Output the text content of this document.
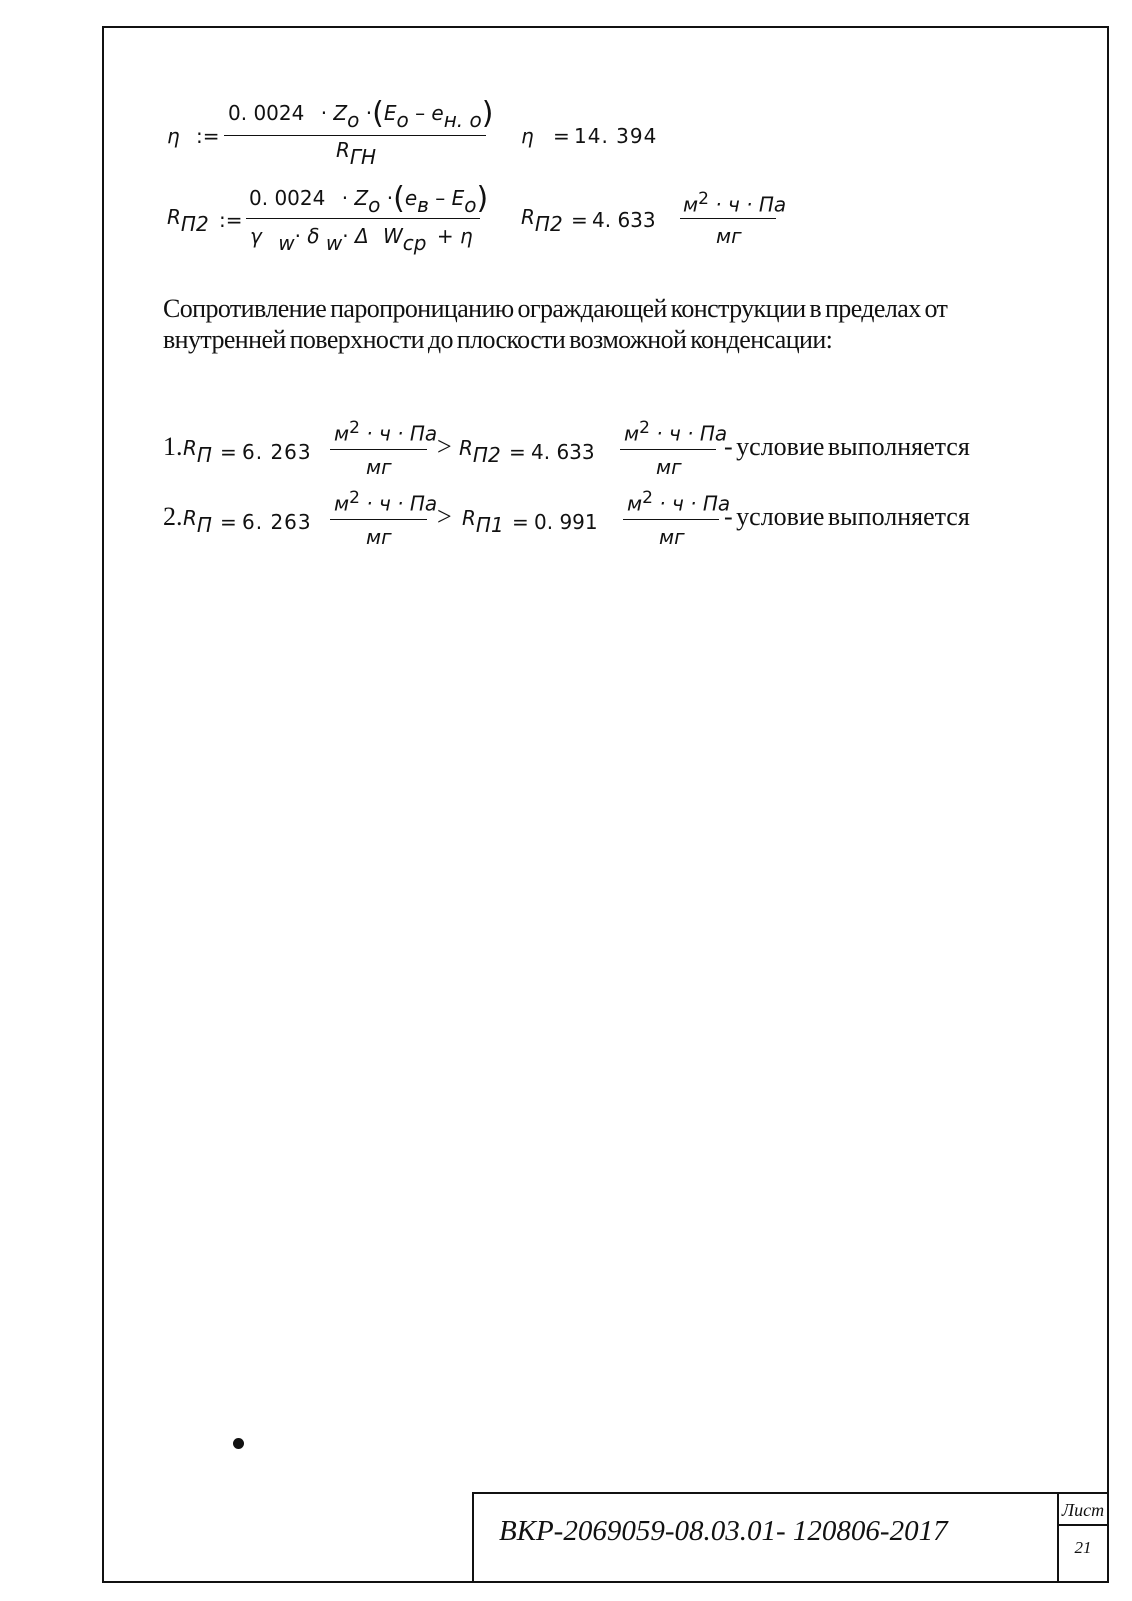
η :=
0. 0024 · Zo ·(Eo – eн. о)
RГН
η = 14. 394
RП2 :=
0. 0024 · Zo ·(eв – Eo)
γ w· δ w· Δ Wср + η
RП2 = 4. 633
$м^2 \cdot ч$ · Па
мг
Сопротивление паропроницанию ограждающей конструкции в пределах от внутренней поверхности до плоскости возможной конденсации:
1. RП = 6. 263
$м^2 \cdot ч$ · Па
мг
> RП2 = 4. 633
$м^2 \cdot ч$ · Па
мг
- условие выполняется
2. RП = 6. 263
$м^2 \cdot ч$ · Па
мг
> RП1 = 0. 991
$м^2 \cdot ч$ · Па
мг
- условие выполняется
ВКР-2069059-08.03.01- 120806-2017
Лист
21
